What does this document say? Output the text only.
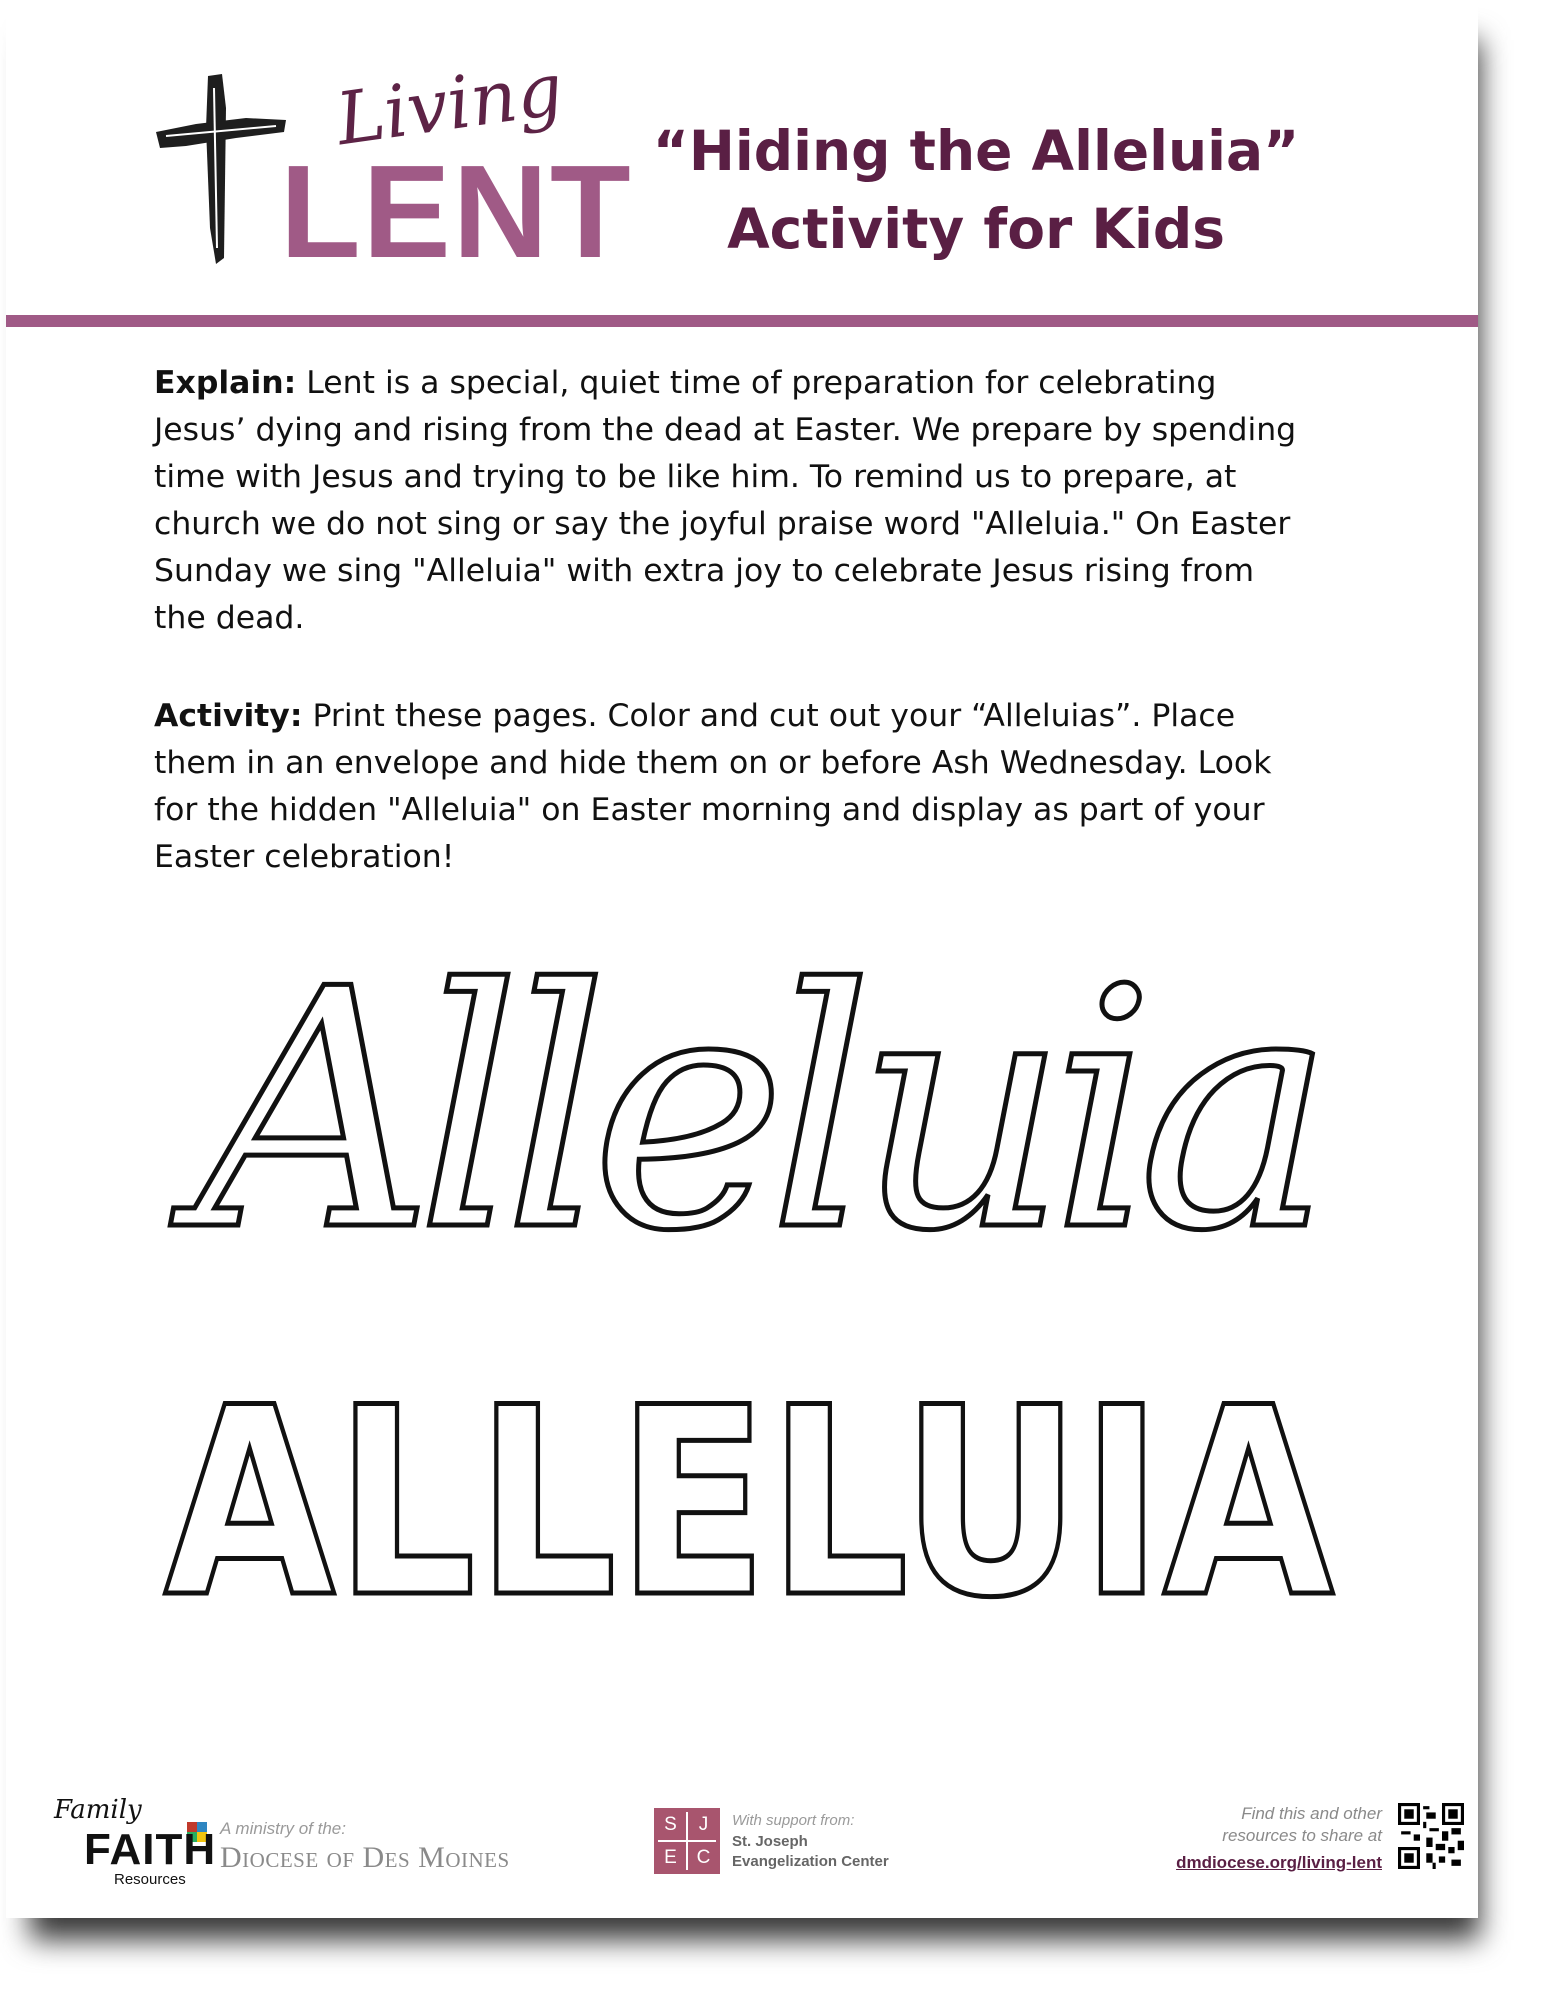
Living
LENT “Hiding the Alleluia”
Activity for Kids
Explain: Lent is a special, quiet time of preparation for celebrating Jesus’ dying and rising from the dead at Easter. We prepare by spending time with Jesus and trying to be like him. To remind us to prepare, at church we do not sing or say the joyful praise word "Alleluia." On Easter Sunday we sing "Alleluia" with extra joy to celebrate Jesus rising from the dead.
Activity: Print these pages. Color and cut out your “Alleluias”. Place them in an envelope and hide them on or before Ash Wednesday. Look for the hidden "Alleluia" on Easter morning and display as part of your Easter celebration!
Alleluia
ALLELUIA
Family
FAITH
Resources
A ministry of the:
Diocese of Des Moines
S	J
E	C
With support from:
St. Joseph
Evangelization Center
Find this and other
resources to share at
dmdiocese.org/living-lent
